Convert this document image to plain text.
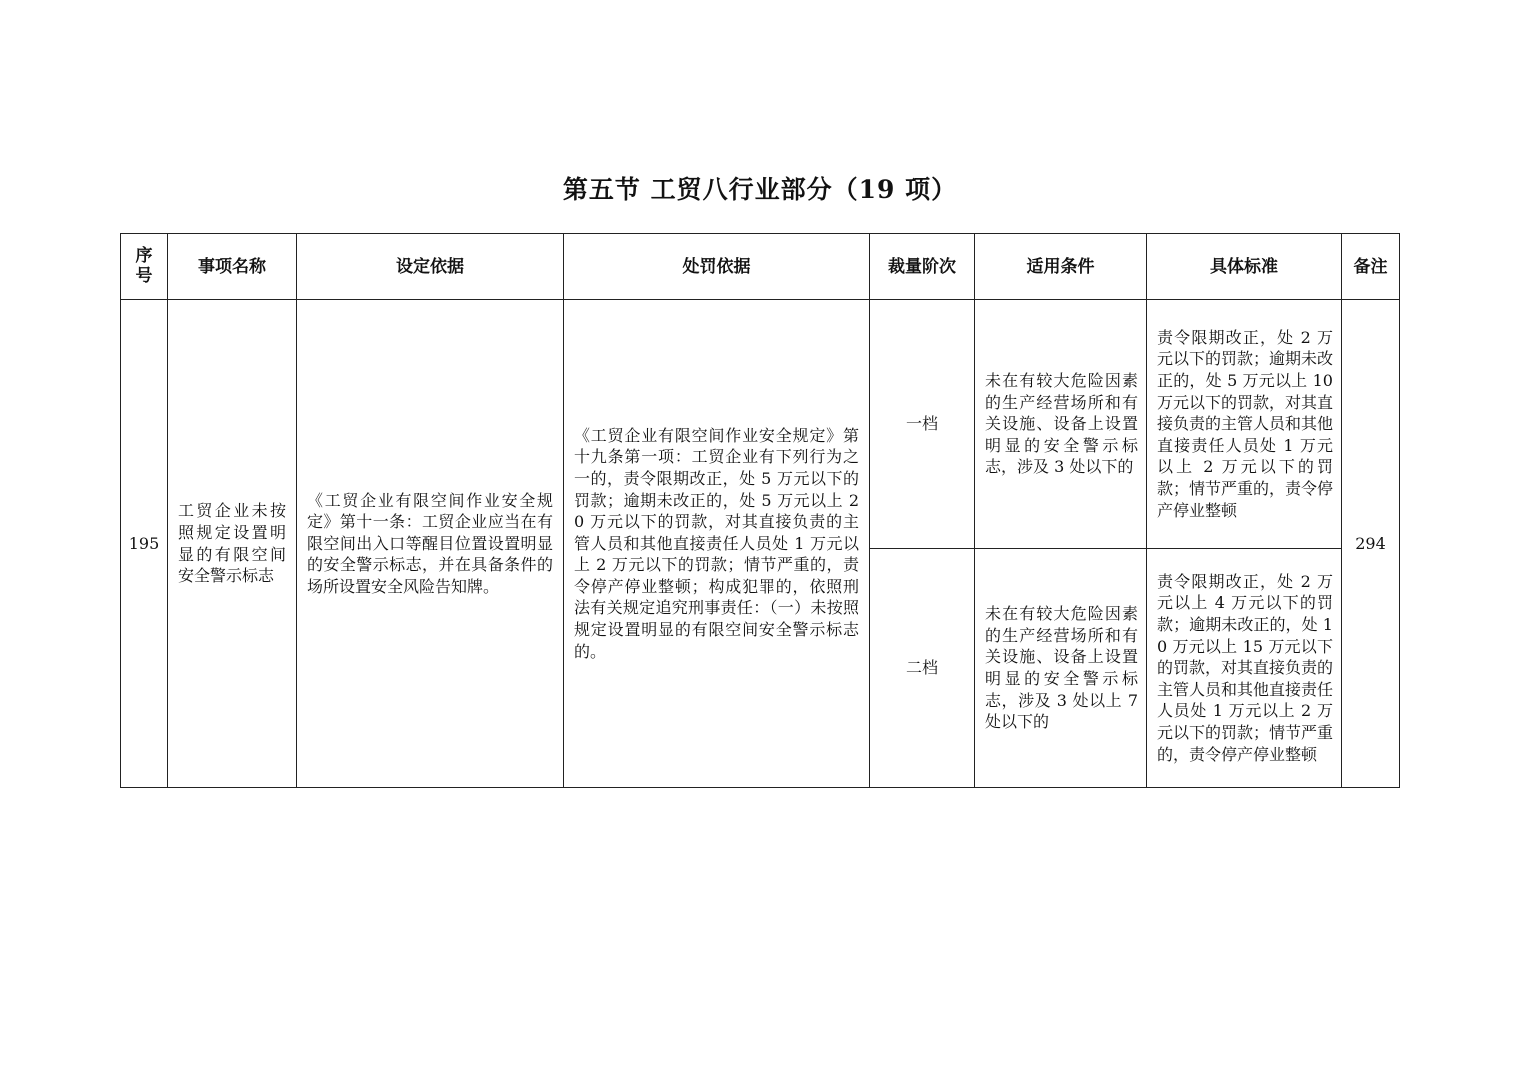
第五节 工贸八行业部分（19 项）
序号	事项名称	设定依据	处罚依据	裁量阶次	适用条件	具体标准	备注
195	工贸企业未按照规定设置明显的有限空间安全警示标志	《工贸企业有限空间作业安全规定》第十一条：工贸企业应当在有限空间出入口等醒目位置设置明显的安全警示标志，并在具备条件的场所设置安全风险告知牌。	《工贸企业有限空间作业安全规定》第十九条第一项：工贸企业有下列行为之一的，责令限期改正，处 5 万元以下的罚款；逾期未改正的，处 5 万元以上 20 万元以下的罚款，对其直接负责的主管人员和其他直接责任人员处 1 万元以上 2 万元以下的罚款；情节严重的，责令停产停业整顿；构成犯罪的，依照刑法有关规定追究刑事责任：（一）未按照规定设置明显的有限空间安全警示标志的。	一档	未在有较大危险因素的生产经营场所和有关设施、设备上设置明显的安全警示标志，涉及 3 处以下的	责令限期改正，处 2 万元以下的罚款；逾期未改正的，处 5 万元以上 10 万元以下的罚款，对其直接负责的主管人员和其他直接责任人员处 1 万元以上 2 万元以下的罚款；情节严重的，责令停产停业整顿	294
				二档	未在有较大危险因素的生产经营场所和有关设施、设备上设置明显的安全警示标志，涉及 3 处以上 7 处以下的	责令限期改正，处 2 万元以上 4 万元以下的罚款；逾期未改正的，处 10 万元以上 15 万元以下的罚款，对其直接负责的主管人员和其他直接责任人员处 1 万元以上 2 万元以下的罚款；情节严重的，责令停产停业整顿	
